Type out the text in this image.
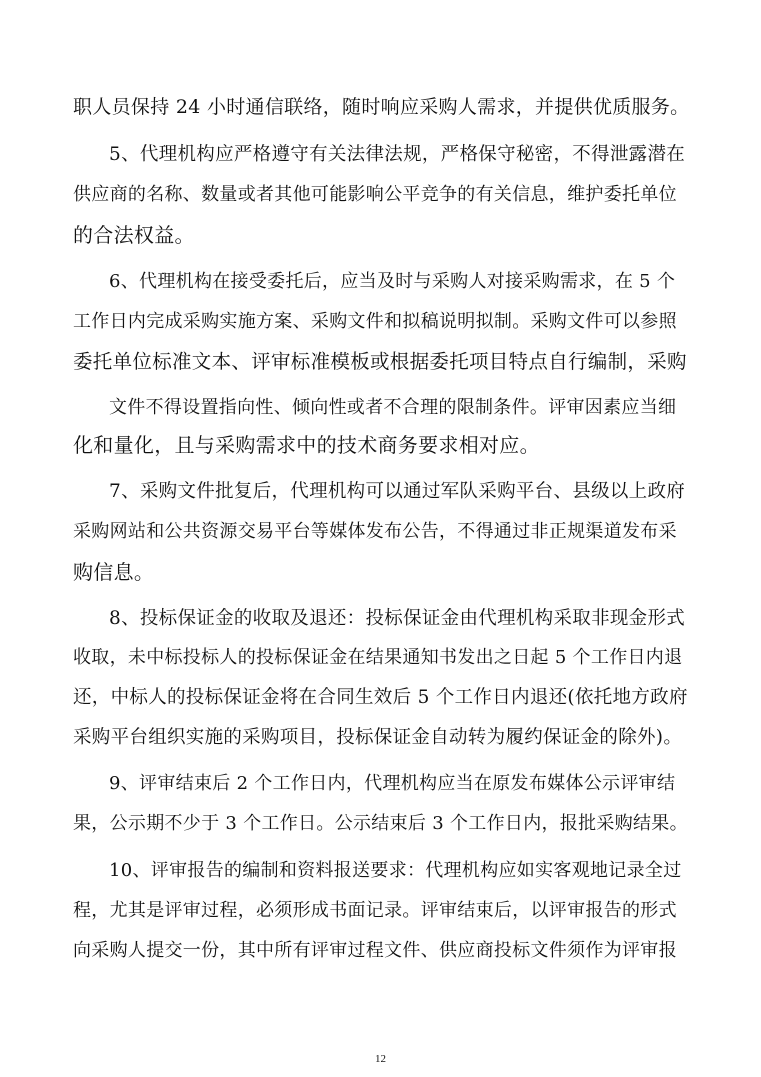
职人员保持 24 小时通信联络，随时响应采购人需求，并提供优质服务。
5、代理机构应严格遵守有关法律法规，严格保守秘密，不得泄露潜在
供应商的名称、数量或者其他可能影响公平竞争的有关信息，维护委托单位
的合法权益。
6、代理机构在接受委托后，应当及时与采购人对接采购需求，在 5 个
工作日内完成采购实施方案、采购文件和拟稿说明拟制。采购文件可以参照
委托单位标准文本、评审标准模板或根据委托项目特点自行编制，采购
文件不得设置指向性、倾向性或者不合理的限制条件。评审因素应当细
化和量化，且与采购需求中的技术商务要求相对应。
7、采购文件批复后，代理机构可以通过军队采购平台、县级以上政府
采购网站和公共资源交易平台等媒体发布公告，不得通过非正规渠道发布采
购信息。
8、投标保证金的收取及退还：投标保证金由代理机构采取非现金形式
收取，未中标投标人的投标保证金在结果通知书发出之日起 5 个工作日内退
还，中标人的投标保证金将在合同生效后 5 个工作日内退还(依托地方政府
采购平台组织实施的采购项目，投标保证金自动转为履约保证金的除外)。
9、评审结束后 2 个工作日内，代理机构应当在原发布媒体公示评审结
果，公示期不少于 3 个工作日。公示结束后 3 个工作日内，报批采购结果。
10、评审报告的编制和资料报送要求：代理机构应如实客观地记录全过
程，尤其是评审过程，必须形成书面记录。评审结束后，以评审报告的形式
向采购人提交一份，其中所有评审过程文件、供应商投标文件须作为评审报
12
